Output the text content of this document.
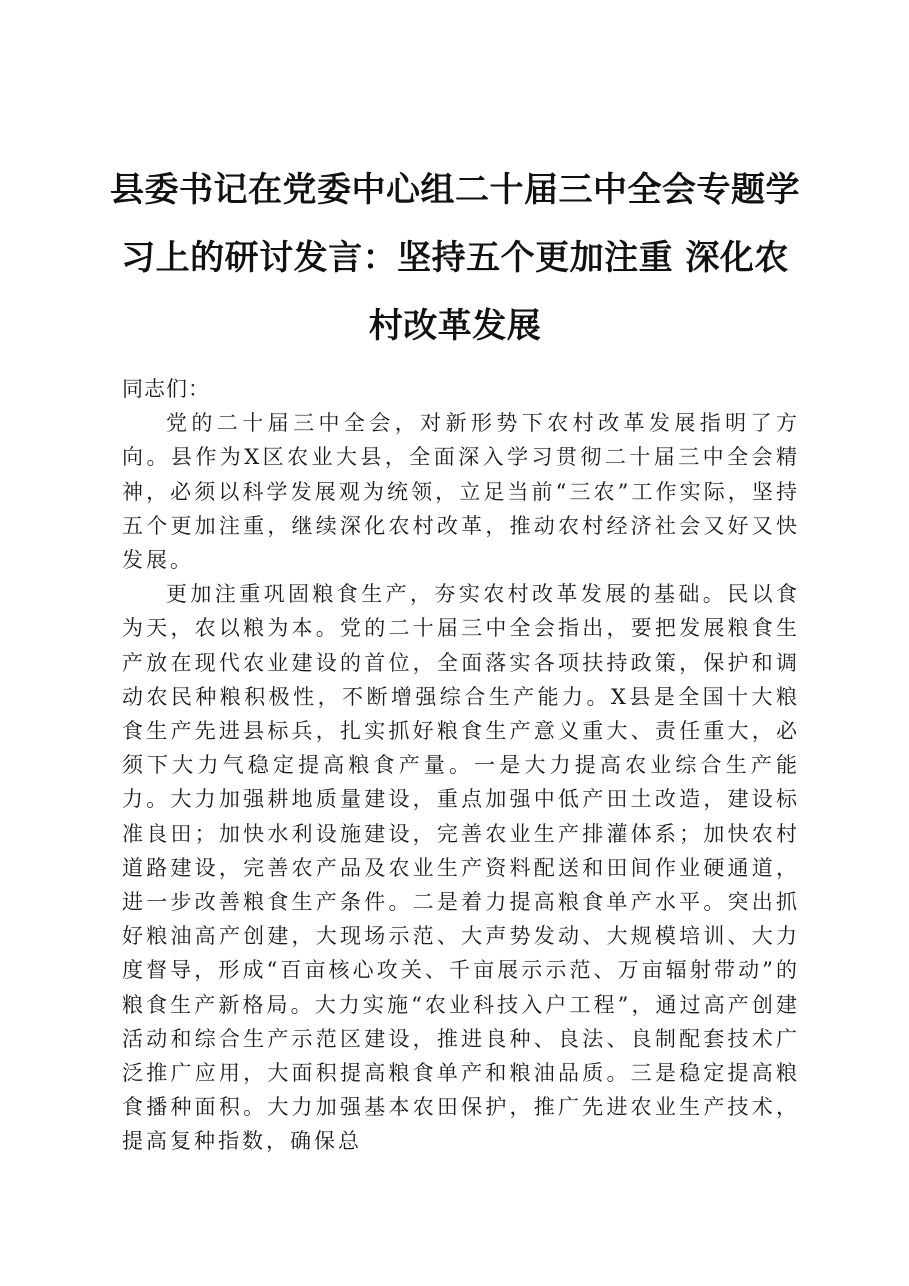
县委书记在党委中心组二十届三中全会专题学
习上的研讨发言：坚持五个更加注重 深化农
村改革发展

同志们：

党的二十届三中全会，对新形势下农村改革发展指明了方向。县作为X区农业大县，全面深入学习贯彻二十届三中全会精神，必须以科学发展观为统领，立足当前“三农”工作实际，坚持五个更加注重，继续深化农村改革，推动农村经济社会又好又快发展。

更加注重巩固粮食生产，夯实农村改革发展的基础。民以食为天，农以粮为本。党的二十届三中全会指出，要把发展粮食生产放在现代农业建设的首位，全面落实各项扶持政策，保护和调动农民种粮积极性，不断增强综合生产能力。X县是全国十大粮食生产先进县标兵，扎实抓好粮食生产意义重大、责任重大，必须下大力气稳定提高粮食产量。一是大力提高农业综合生产能力。大力加强耕地质量建设，重点加强中低产田土改造，建设标准良田；加快水利设施建设，完善农业生产排灌体系；加快农村道路建设，完善农产品及农业生产资料配送和田间作业硬通道，进一步改善粮食生产条件。二是着力提高粮食单产水平。突出抓好粮油高产创建，大现场示范、大声势发动、大规模培训、大力度督导，形成“百亩核心攻关、千亩展示示范、万亩辐射带动”的粮食生产新格局。大力实施“农业科技入户工程”，通过高产创建活动和综合生产示范区建设，推进良种、良法、良制配套技术广泛推广应用，大面积提高粮食单产和粮油品质。三是稳定提高粮食播种面积。大力加强基本农田保护，推广先进农业生产技术，提高复种指数，确保总
